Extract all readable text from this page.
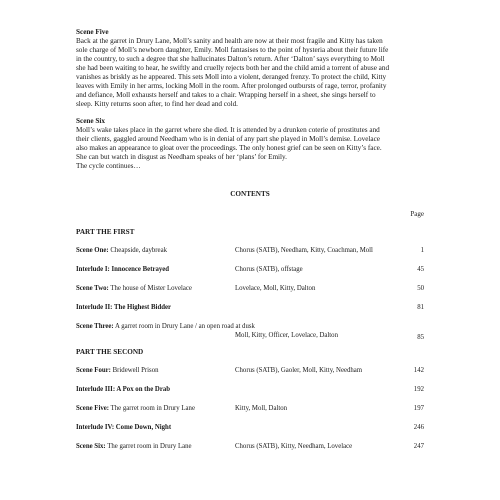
Scene Five
Back at the garret in Drury Lane, Moll’s sanity and health are now at their most fragile and Kitty has taken
sole charge of Moll’s newborn daughter, Emily. Moll fantasises to the point of hysteria about their future life
in the country, to such a degree that she hallucinates Dalton’s return. After ‘Dalton’ says everything to Moll
she had been waiting to hear, he swiftly and cruelly rejects both her and the child amid a torrent of abuse and
vanishes as briskly as he appeared. This sets Moll into a violent, deranged frenzy. To protect the child, Kitty
leaves with Emily in her arms, locking Moll in the room. After prolonged outbursts of rage, terror, profanity
and defiance, Moll exhausts herself and takes to a chair. Wrapping herself in a sheet, she sings herself to
sleep. Kitty returns soon after, to find her dead and cold.
Scene Six
Moll’s wake takes place in the garret where she died. It is attended by a drunken coterie of prostitutes and
their clients, gaggled around Needham who is in denial of any part she played in Moll’s demise. Lovelace
also makes an appearance to gloat over the proceedings. The only honest grief can be seen on Kitty’s face.
She can but watch in disgust as Needham speaks of her ‘plans’ for Emily.
The cycle continues…
CONTENTS
Page
PART THE FIRST
Scene One: Cheapside, daybreak	Chorus (SATB), Needham, Kitty, Coachman, Moll	1
Interlude I: Innocence Betrayed	Chorus (SATB), offstage	45
Scene Two: The house of Mister Lovelace	Lovelace, Moll, Kitty, Dalton	50
Interlude II: The Highest Bidder	81
Scene Three: A garret room in Drury Lane / an open road at dusk
Moll, Kitty, Officer, Lovelace, Dalton	85
PART THE SECOND
Scene Four: Bridewell Prison	Chorus (SATB), Gaoler, Moll, Kitty, Needham	142
Interlude III: A Pox on the Drab	192
Scene Five: The garret room in Drury Lane	Kitty, Moll, Dalton	197
Interlude IV: Come Down, Night	246
Scene Six: The garret room in Drury Lane	Chorus (SATB), Kitty, Needham, Lovelace	247
